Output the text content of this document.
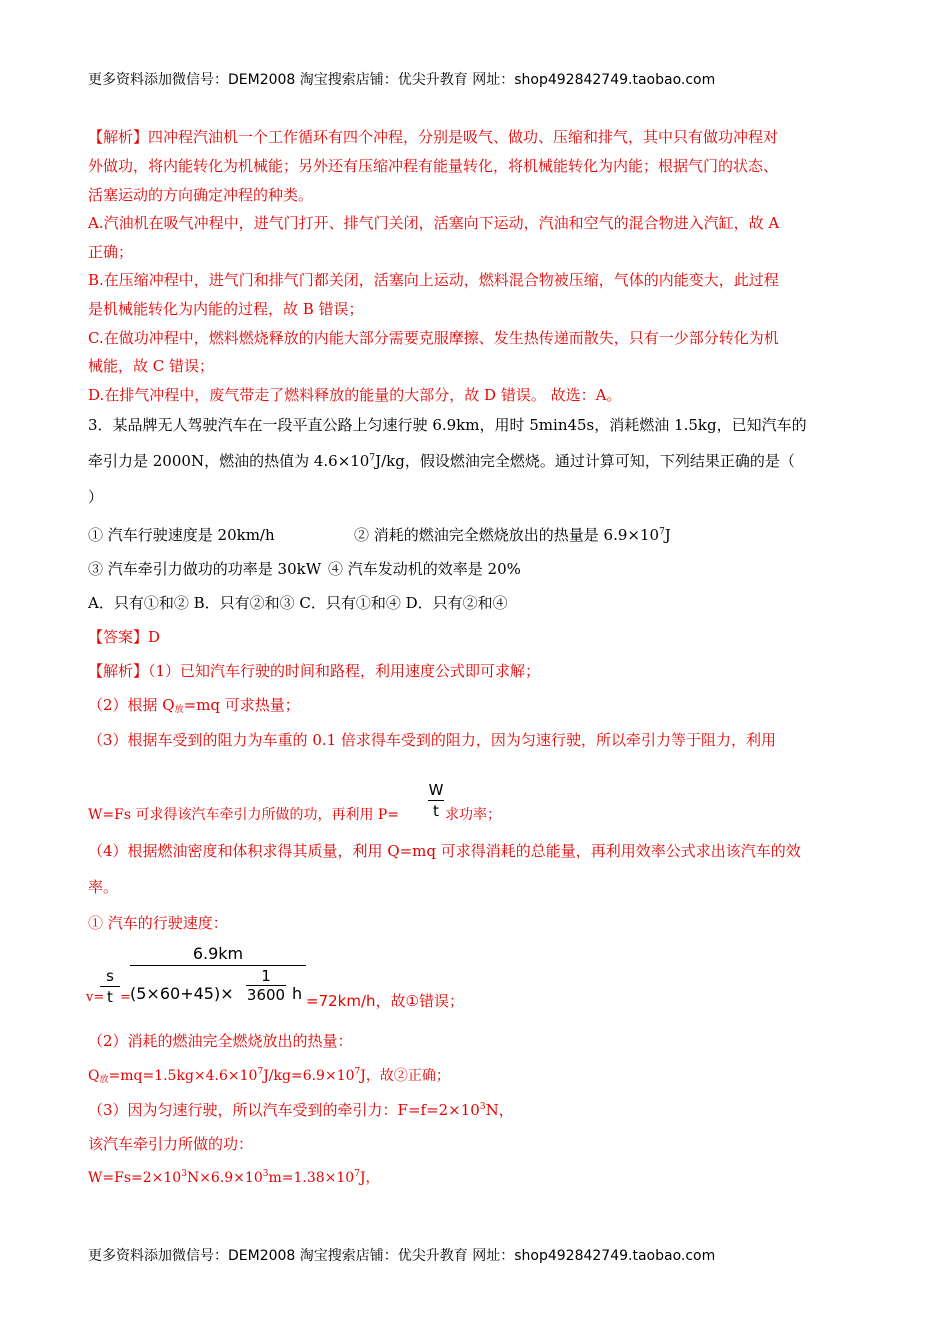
更多资料添加微信号：DEM2008 淘宝搜索店铺：优尖升教育 网址：shop492842749.taobao.com
【解析】四冲程汽油机一个工作循环有四个冲程，分别是吸气、做功、压缩和排气，其中只有做功冲程对
外做功，将内能转化为机械能；另外还有压缩冲程有能量转化，将机械能转化为内能；根据气门的状态、
活塞运动的方向确定冲程的种类。
A.汽油机在吸气冲程中，进气门打开、排气门关闭，活塞向下运动，汽油和空气的混合物进入汽缸，故 A
正确；
B.在压缩冲程中，进气门和排气门都关闭，活塞向上运动，燃料混合物被压缩，气体的内能变大，此过程
是机械能转化为内能的过程，故 B 错误；
C.在做功冲程中，燃料燃烧释放的内能大部分需要克服摩擦、发生热传递而散失，只有一少部分转化为机
械能，故 C 错误；
D.在排气冲程中，废气带走了燃料释放的能量的大部分，故 D 错误。 故选：A。
3．某品牌无人驾驶汽车在一段平直公路上匀速行驶 6.9km，用时 5min45s，消耗燃油 1.5kg，已知汽车的
牵引力是 2000N，燃油的热值为 $4.6\times 10^7J/kg$，假设燃油完全燃烧。通过计算可知，下列结果正确的是（
）
① 汽车行驶速度是 20km/h	② 消耗的燃油完全燃烧放出的热量是 $6.9\times 10^7J$
③ 汽车牵引力做功的功率是 30kW ④ 汽车发动机的效率是 20%
A．只有①和② B．只有②和③ C．只有①和④ D．只有②和④
【答案】D
【解析】（1）已知汽车行驶的时间和路程，利用速度公式即可求解；
（2）根据 $Q_放=mq$ 可求热量；
（3）根据车受到的阻力为车重的 0.1 倍求得车受到的阻力，因为匀速行驶，所以牵引力等于阻力，利用
$\frac{W}{t}$
W=Fs 可求得该汽车牵引力所做的功，再利用 P=	求功率；
（4）根据燃油密度和体积求得其质量，利用 Q=mq 可求得消耗的总能量，再利用效率公式求出该汽车的效
率。
① 汽车的行驶速度：
v=
s
t =
6.9km
$(5\times 60+45)\times \frac{1}{3600}$ h =72km/h，故①错误；
（2）消耗的燃油完全燃烧放出的热量：
$Q_放=mq=1.5kg\times 4.6\times 10^7J/kg=6.9\times 10^7J$，故②正确；
（3）因为匀速行驶，所以汽车受到的牵引力：$F=f=2\times 10^3N$，
该汽车牵引力所做的功：
$W=Fs=2\times 10^3N\times 6.9\times 10^3m=1.38\times 10^7J$，
更多资料添加微信号：DEM2008 淘宝搜索店铺：优尖升教育 网址：shop492842749.taobao.com
